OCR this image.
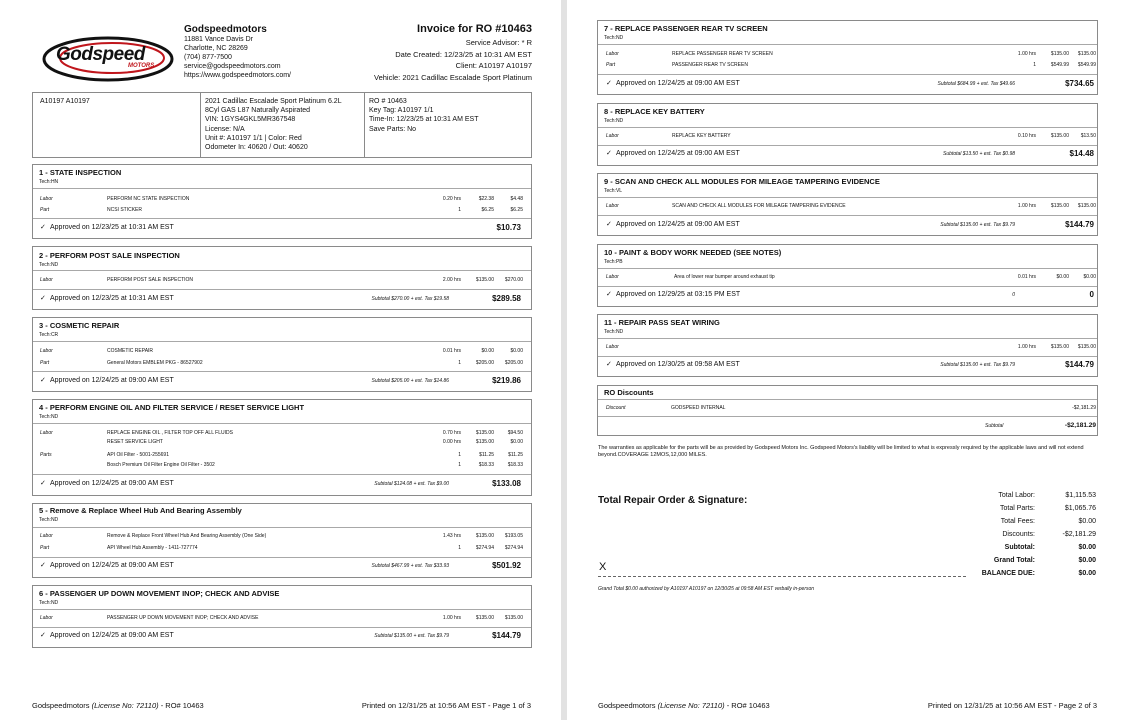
Godspeed
MOTORS
Godspeedmotors
11881 Vance Davis Dr
Charlotte, NC 28269
(704) 877-7500
service@godspeedmotors.com
https://www.godspeedmotors.com/
Invoice for RO #10463
Service Advisor: * R
Date Created: 12/23/25 at 10:31 AM EST
Client: A10197 A10197
Vehicle: 2021 Cadillac Escalade Sport Platinum
A10197 A10197	2021 Cadillac Escalade Sport Platinum 6.2L
8Cyl GAS L87 Naturally Aspirated
VIN: 1GYS4GKL5MR367548
License: N/A
Unit #: A10197 1/1 | Color: Red
Odometer In: 40620 / Out: 40620
RO # 10463
Key Tag: A10197 1/1
Time-In: 12/23/25 at 10:31 AM EST
Save Parts: No
1 - STATE INSPECTION
Tech:HN
Labor	PERFORM NC STATE INSPECTION	0.20 hrs	$22.38	$4.48
Part	NCSI STICKER	1	$6.25	$6.25
✓ Approved on 12/23/25 at 10:31 AM EST	$10.73
2 - PERFORM POST SALE INSPECTION
Tech:ND
Labor	PERFORM POST SALE INSPECTION	2.00 hrs	$135.00 $270.00
✓ Approved on 12/23/25 at 10:31 AM EST	Subtotal $270.00 + est. Tax $19.58	$289.58
3 - COSMETIC REPAIR
Tech:CR
Labor	COSMETIC REPAIR	0.01 hrs	$0.00	$0.00
Part	General Motors EMBLEM PKG - 86527902	1	$205.00 $205.00
✓ Approved on 12/24/25 at 09:00 AM EST	Subtotal $205.00 + est. Tax $14.86	$219.86
4 - PERFORM ENGINE OIL AND FILTER SERVICE / RESET SERVICE LIGHT
Tech:ND
Labor	REPLACE ENGINE OIL , FILTER TOP OFF ALL FLUIDS	0.70 hrs	$135.00	$94.50
RESET SERVICE LIGHT	0.00 hrs	$135.00	$0.00
Parts	API Oil Filter - 5001-255691	1	$11.25	$11.25
Bosch Premium Oil Filter Engine Oil Filter - 3502	1	$18.33	$18.33
✓ Approved on 12/24/25 at 09:00 AM EST	Subtotal $124.08 + est. Tax $9.00	$133.08
5 - Remove & Replace Wheel Hub And Bearing Assembly
Tech:ND
Labor	Remove & Replace Front Wheel Hub And Bearing Assembly (One Side)	1.43 hrs	$135.00 $193.05
Part	API Wheel Hub Assembly - 1411-727774	1	$274.94 $274.94
✓ Approved on 12/24/25 at 09:00 AM EST	Subtotal $467.99 + est. Tax $33.93	$501.92
6 - PASSENGER UP DOWN MOVEMENT INOP; CHECK AND ADVISE
Tech:ND
Labor	PASSENGER UP DOWN MOVEMENT INOP; CHECK AND ADVISE	1.00 hrs	$135.00 $135.00
✓ Approved on 12/24/25 at 09:00 AM EST	Subtotal $135.00 + est. Tax $9.79	$144.79
Godspeedmotors (License No: 72110) - RO# 10463	Printed on 12/31/25 at 10:56 AM EST - Page 1 of 3
7 - REPLACE PASSENGER REAR TV SCREEN
Tech:ND
Labor	REPLACE PASSENGER REAR TV SCREEN	1.00 hrs	$135.00 $135.00
Part	PASSENGER REAR TV SCREEN	1	$549.99 $549.99
✓ Approved on 12/24/25 at 09:00 AM EST	Subtotal $684.99 + est. Tax $49.66	$734.65
8 - REPLACE KEY BATTERY
Tech:ND
Labor	REPLACE KEY BATTERY	0.10 hrs	$135.00 $13.50
✓ Approved on 12/24/25 at 09:00 AM EST	Subtotal $13.50 + est. Tax $0.98	$14.48
9 - SCAN AND CHECK ALL MODULES FOR MILEAGE TAMPERING EVIDENCE
Tech:VL
Labor	SCAN AND CHECK ALL MODULES FOR MILEAGE TAMPERING EVIDENCE	1.00 hrs	$135.00 $135.00
✓ Approved on 12/24/25 at 09:00 AM EST	Subtotal $135.00 + est. Tax $9.79	$144.79
10 - PAINT & BODY WORK NEEDED (SEE NOTES)
Tech:PB
Labor	Area of lower rear bumper around exhaust tip	0.01 hrs	$0.00	$0.00
✓ Approved on 12/29/25 at 03:15 PM EST	0	0
11 - REPAIR PASS SEAT WIRING
Tech:ND
Labor	1.00 hrs	$135.00 $135.00
✓ Approved on 12/30/25 at 09:58 AM EST	Subtotal $135.00 + est. Tax $9.79	$144.79
RO Discounts
Discount	GODSPEED INTERNAL	-$2,181.29
Subtotal	-$2,181.29
The warranties as applicable for the parts will be as provided by Godspeed Motors Inc. Godspeed Motors's liability will be limited to what is expressly required by the applicable laws and will not extend beyond.COVERAGE 12MOS,12,000 MILES.
Total Repair Order & Signature:
X
Grand Total $0.00 authorized by A10197 A10197 on 12/30/25 at 09:58 AM EST verbally in-person
Total Labor:	$1,115.53
Total Parts:	$1,065.76
Total Fees:	$0.00
Discounts:	-$2,181.29
Subtotal:	$0.00
Grand Total:	$0.00
BALANCE DUE:	$0.00
Godspeedmotors (License No: 72110) - RO# 10463	Printed on 12/31/25 at 10:56 AM EST - Page 2 of 3
